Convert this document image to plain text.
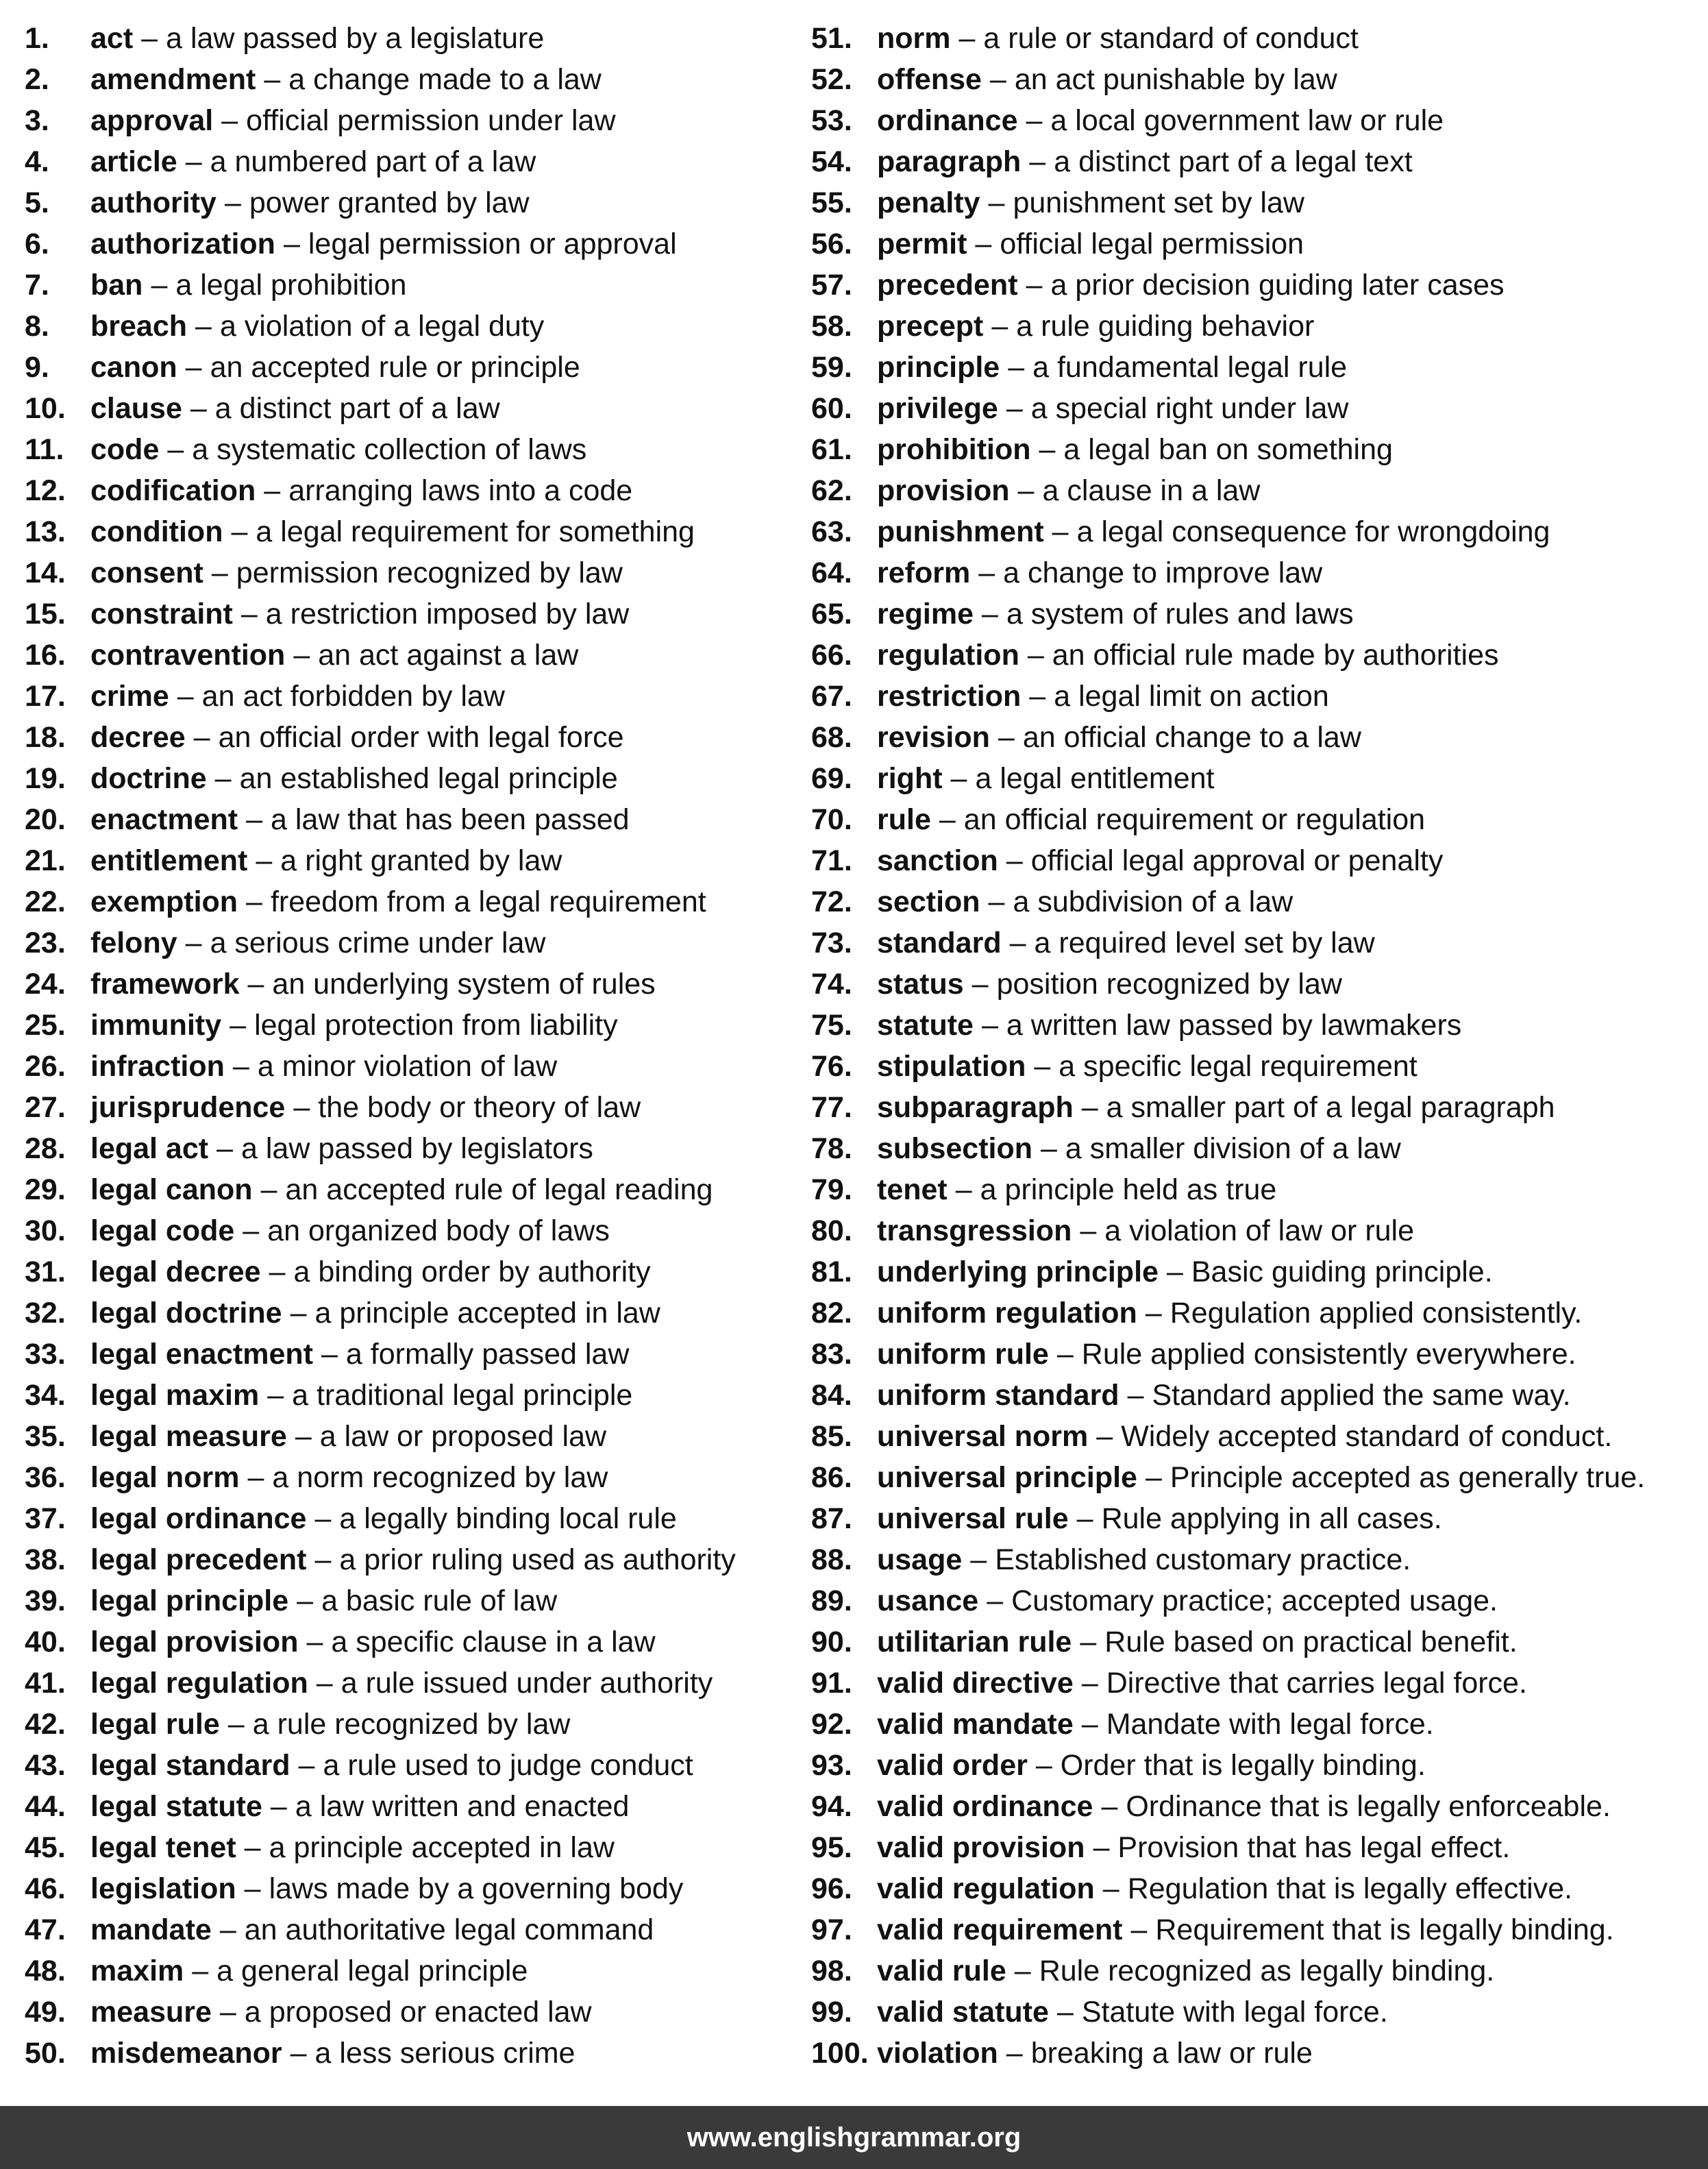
1.	act – a law passed by a legislature
2.	amendment – a change made to a law
3.	approval – official permission under law
4.	article – a numbered part of a law
5.	authority – power granted by law
6.	authorization – legal permission or approval
7.	ban – a legal prohibition
8.	breach – a violation of a legal duty
9.	canon – an accepted rule or principle
10. clause – a distinct part of a law
11. code – a systematic collection of laws
12. codification – arranging laws into a code
13. condition – a legal requirement for something
14. consent – permission recognized by law
15. constraint – a restriction imposed by law
16. contravention – an act against a law
17. crime – an act forbidden by law
18. decree – an official order with legal force
19. doctrine – an established legal principle
20. enactment – a law that has been passed
21. entitlement – a right granted by law
22. exemption – freedom from a legal requirement
23. felony – a serious crime under law
24. framework – an underlying system of rules
25. immunity – legal protection from liability
26. infraction – a minor violation of law
27. jurisprudence – the body or theory of law
28. legal act – a law passed by legislators
29. legal canon – an accepted rule of legal reading
30. legal code – an organized body of laws
31. legal decree – a binding order by authority
32. legal doctrine – a principle accepted in law
33. legal enactment – a formally passed law
34. legal maxim – a traditional legal principle
35. legal measure – a law or proposed law
36. legal norm – a norm recognized by law
37. legal ordinance – a legally binding local rule
38. legal precedent – a prior ruling used as authority
39. legal principle – a basic rule of law
40. legal provision – a specific clause in a law
41. legal regulation – a rule issued under authority
42. legal rule – a rule recognized by law
43. legal standard – a rule used to judge conduct
44. legal statute – a law written and enacted
45. legal tenet – a principle accepted in law
46. legislation – laws made by a governing body
47. mandate – an authoritative legal command
48. maxim – a general legal principle
49. measure – a proposed or enacted law
50. misdemeanor – a less serious crime
51. norm – a rule or standard of conduct
52. offense – an act punishable by law
53. ordinance – a local government law or rule
54. paragraph – a distinct part of a legal text
55. penalty – punishment set by law
56. permit – official legal permission
57. precedent – a prior decision guiding later cases
58. precept – a rule guiding behavior
59. principle – a fundamental legal rule
60. privilege – a special right under law
61. prohibition – a legal ban on something
62. provision – a clause in a law
63. punishment – a legal consequence for wrongdoing
64. reform – a change to improve law
65. regime – a system of rules and laws
66. regulation – an official rule made by authorities
67. restriction – a legal limit on action
68. revision – an official change to a law
69. right – a legal entitlement
70. rule – an official requirement or regulation
71. sanction – official legal approval or penalty
72. section – a subdivision of a law
73. standard – a required level set by law
74. status – position recognized by law
75. statute – a written law passed by lawmakers
76. stipulation – a specific legal requirement
77. subparagraph – a smaller part of a legal paragraph
78. subsection – a smaller division of a law
79. tenet – a principle held as true
80. transgression – a violation of law or rule
81. underlying principle – Basic guiding principle.
82. uniform regulation – Regulation applied consistently.
83. uniform rule – Rule applied consistently everywhere.
84. uniform standard – Standard applied the same way.
85. universal norm – Widely accepted standard of conduct.
86. universal principle – Principle accepted as generally true.
87. universal rule – Rule applying in all cases.
88. usage – Established customary practice.
89. usance – Customary practice; accepted usage.
90. utilitarian rule – Rule based on practical benefit.
91. valid directive – Directive that carries legal force.
92. valid mandate – Mandate with legal force.
93. valid order – Order that is legally binding.
94. valid ordinance – Ordinance that is legally enforceable.
95. valid provision – Provision that has legal effect.
96. valid regulation – Regulation that is legally effective.
97. valid requirement – Requirement that is legally binding.
98. valid rule – Rule recognized as legally binding.
99. valid statute – Statute with legal force.
100. violation – breaking a law or rule
www.englishgrammar.org
